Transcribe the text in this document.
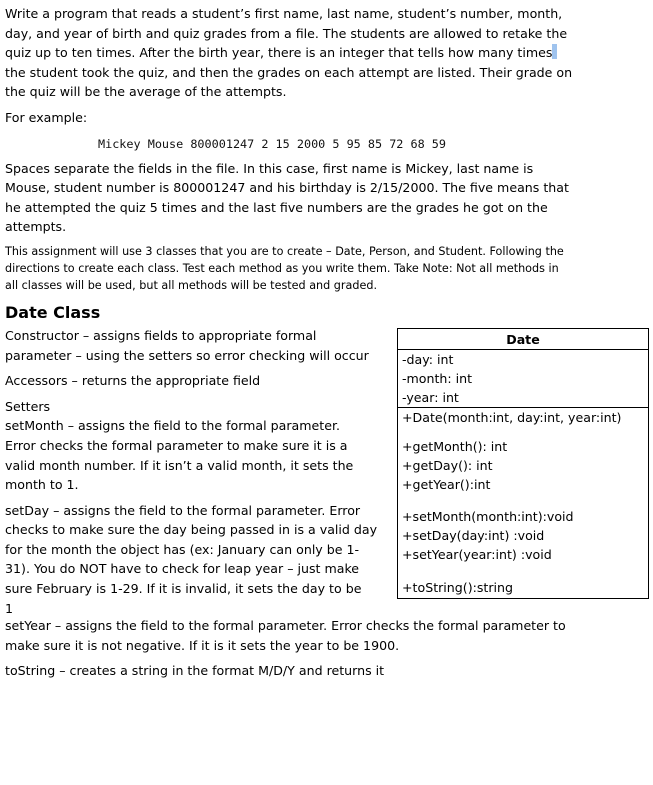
Write a program that reads a student’s first name, last name, student’s number, month,

day, and year of birth and quiz grades from a file. The students are allowed to retake the

quiz up to ten times. After the birth year, there is an integer that tells how many times

the student took the quiz, and then the grades on each attempt are listed. Their grade on

the quiz will be the average of the attempts.

For example:

Mickey Mouse 800001247 2 15 2000 5 95 85 72 68 59

Spaces separate the fields in the file. In this case, first name is Mickey, last name is

Mouse, student number is 800001247 and his birthday is 2/15/2000. The five means that

he attempted the quiz 5 times and the last five numbers are the grades he got on the

attempts.

This assignment will use 3 classes that you are to create – Date, Person, and Student. Following the

directions to create each class. Test each method as you write them. Take Note: Not all methods in

all classes will be used, but all methods will be tested and graded.

Date Class

Constructor – assigns fields to appropriate formal

parameter – using the setters so error checking will occur

Accessors – returns the appropriate field

Setters

setMonth – assigns the field to the formal parameter.

Error checks the formal parameter to make sure it is a

valid month number. If it isn’t a valid month, it sets the

month to 1.

setDay – assigns the field to the formal parameter. Error

checks to make sure the day being passed in is a valid day

for the month the object has (ex: January can only be 1-

31). You do NOT have to check for leap year – just make

sure February is 1-29. If it is invalid, it sets the day to be

1

Date

-day: int

-month: int

-year: int

+Date(month:int, day:int, year:int)

+getMonth(): int

+getDay(): int

+getYear():int

+setMonth(month:int):void

+setDay(day:int) :void

+setYear(year:int) :void

+toString():string

setYear – assigns the field to the formal parameter. Error checks the formal parameter to

make sure it is not negative. If it is it sets the year to be 1900.

toString – creates a string in the format M/D/Y and returns it
